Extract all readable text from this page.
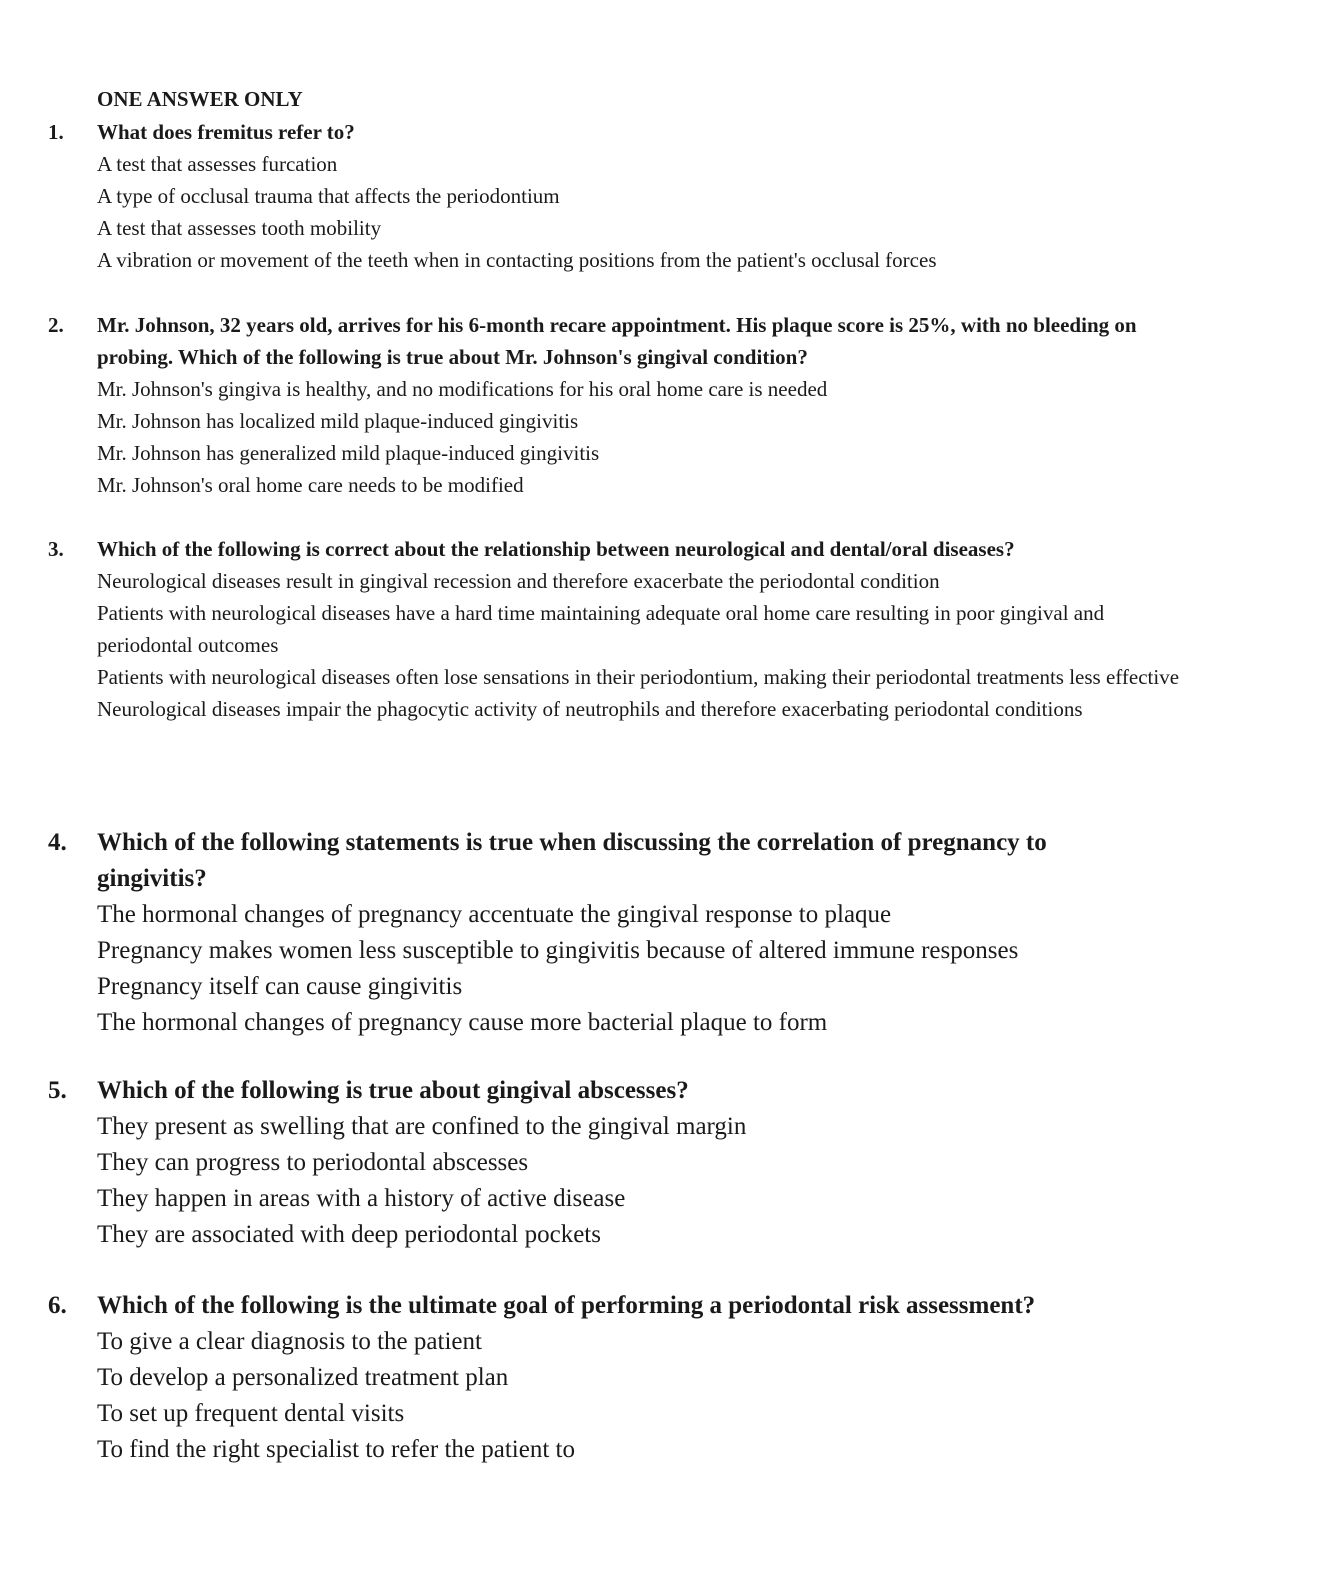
ONE ANSWER ONLY

1. What does fremitus refer to?

A test that assesses furcation

A type of occlusal trauma that affects the periodontium

A test that assesses tooth mobility

A vibration or movement of the teeth when in contacting positions from the patient's occlusal forces

2. Mr. Johnson, 32 years old, arrives for his 6-month recare appointment. His plaque score is 25%, with no bleeding on probing. Which of the following is true about Mr. Johnson's gingival condition?

Mr. Johnson's gingiva is healthy, and no modifications for his oral home care is needed

Mr. Johnson has localized mild plaque-induced gingivitis

Mr. Johnson has generalized mild plaque-induced gingivitis

Mr. Johnson's oral home care needs to be modified

3. Which of the following is correct about the relationship between neurological and dental/oral diseases?

Neurological diseases result in gingival recession and therefore exacerbate the periodontal condition

Patients with neurological diseases have a hard time maintaining adequate oral home care resulting in poor gingival and periodontal outcomes

Patients with neurological diseases often lose sensations in their periodontium, making their periodontal treatments less effective

Neurological diseases impair the phagocytic activity of neutrophils and therefore exacerbating periodontal conditions

4. Which of the following statements is true when discussing the correlation of pregnancy to gingivitis?

The hormonal changes of pregnancy accentuate the gingival response to plaque

Pregnancy makes women less susceptible to gingivitis because of altered immune responses

Pregnancy itself can cause gingivitis

The hormonal changes of pregnancy cause more bacterial plaque to form

5. Which of the following is true about gingival abscesses?

They present as swelling that are confined to the gingival margin

They can progress to periodontal abscesses

They happen in areas with a history of active disease

They are associated with deep periodontal pockets

6. Which of the following is the ultimate goal of performing a periodontal risk assessment?

To give a clear diagnosis to the patient

To develop a personalized treatment plan

To set up frequent dental visits

To find the right specialist to refer the patient to
